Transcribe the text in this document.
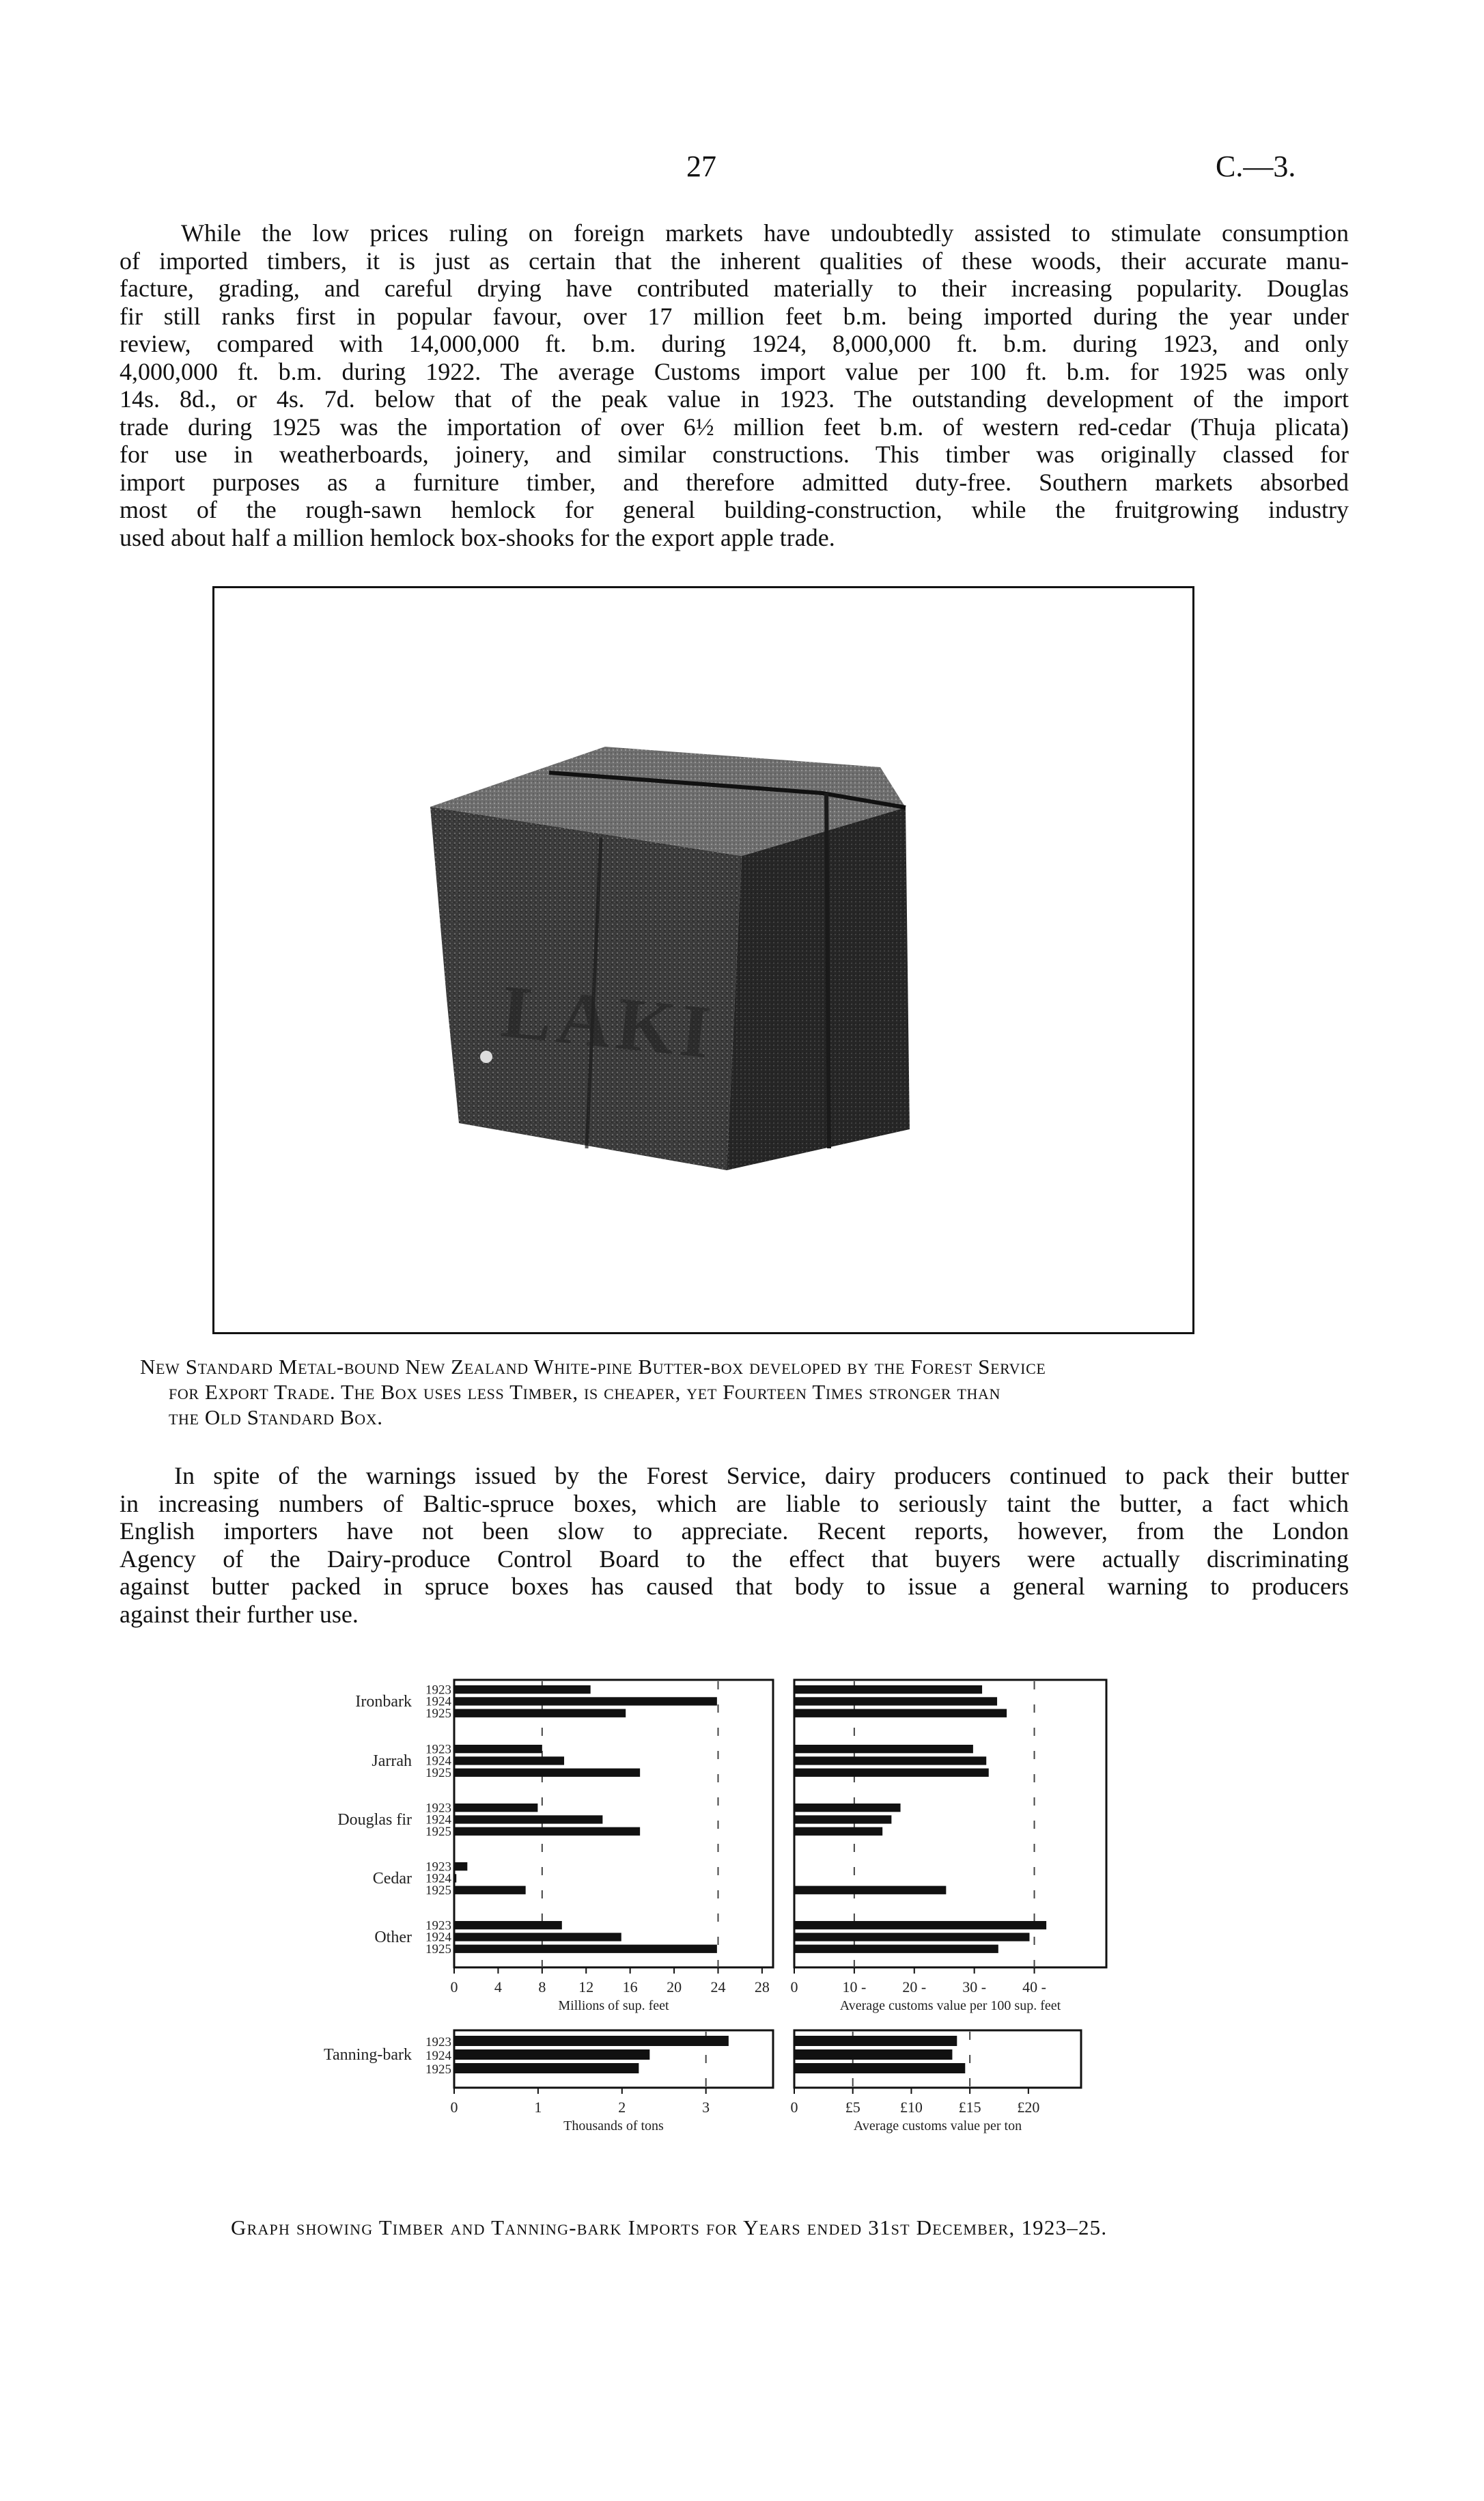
27	C.—3.

While the low prices ruling on foreign markets have undoubtedly assisted to stimulate consumption

of imported timbers, it is just as certain that the inherent qualities of these woods, their accurate manu-

facture, grading, and careful drying have contributed materially to their increasing popularity. Douglas

fir still ranks first in popular favour, over 17 million feet b.m. being imported during the year under

review, compared with 14,000,000 ft. b.m. during 1924, 8,000,000 ft. b.m. during 1923, and only

4,000,000 ft. b.m. during 1922. The average Customs import value per 100 ft. b.m. for 1925 was only

14s. 8d., or 4s. 7d. below that of the peak value in 1923. The outstanding development of the import

trade during 1925 was the importation of over 6½ million feet b.m. of western red-cedar (Thuja plicata)

for use in weatherboards, joinery, and similar constructions. This timber was originally classed for

import purposes as a furniture timber, and therefore admitted duty-free. Southern markets absorbed

most of the rough-sawn hemlock for general building-construction, while the fruitgrowing industry

used about half a million hemlock box-shooks for the export apple trade.

LAKI
New Standard Metal-bound New Zealand White-pine Butter-box developed by the Forest Service
for Export Trade. The Box uses less Timber, is cheaper, yet Fourteen Times stronger than
the Old Standard Box.

In spite of the warnings issued by the Forest Service, dairy producers continued to pack their butter

in increasing numbers of Baltic-spruce boxes, which are liable to seriously taint the butter, a fact which

English importers have not been slow to appreciate. Recent reports, however, from the London

Agency of the Dairy-produce Control Board to the effect that buyers were actually discriminating

against butter packed in spruce boxes has caused that body to issue a general warning to producers

against their further use.

0 4 8 12 16 20 24 28
Millions of sup. feet
Ironbark
1923
1924
1925
Jarrah
1923
1924
1925
Douglas fir
1923
1924
1925
Cedar
1923
1924
1925
Other
1923
1924
1925
0	10 - 20 - 30 - 40 -
Average customs value per 100 sup. feet
0	1	2	3
Thousands of tons
Tanning-bark
1923
1924
1925
0	£5	£10 £15 £20
Average customs value per ton
Graph showing Timber and Tanning-bark Imports for Years ended 31st December, 1923–25.
